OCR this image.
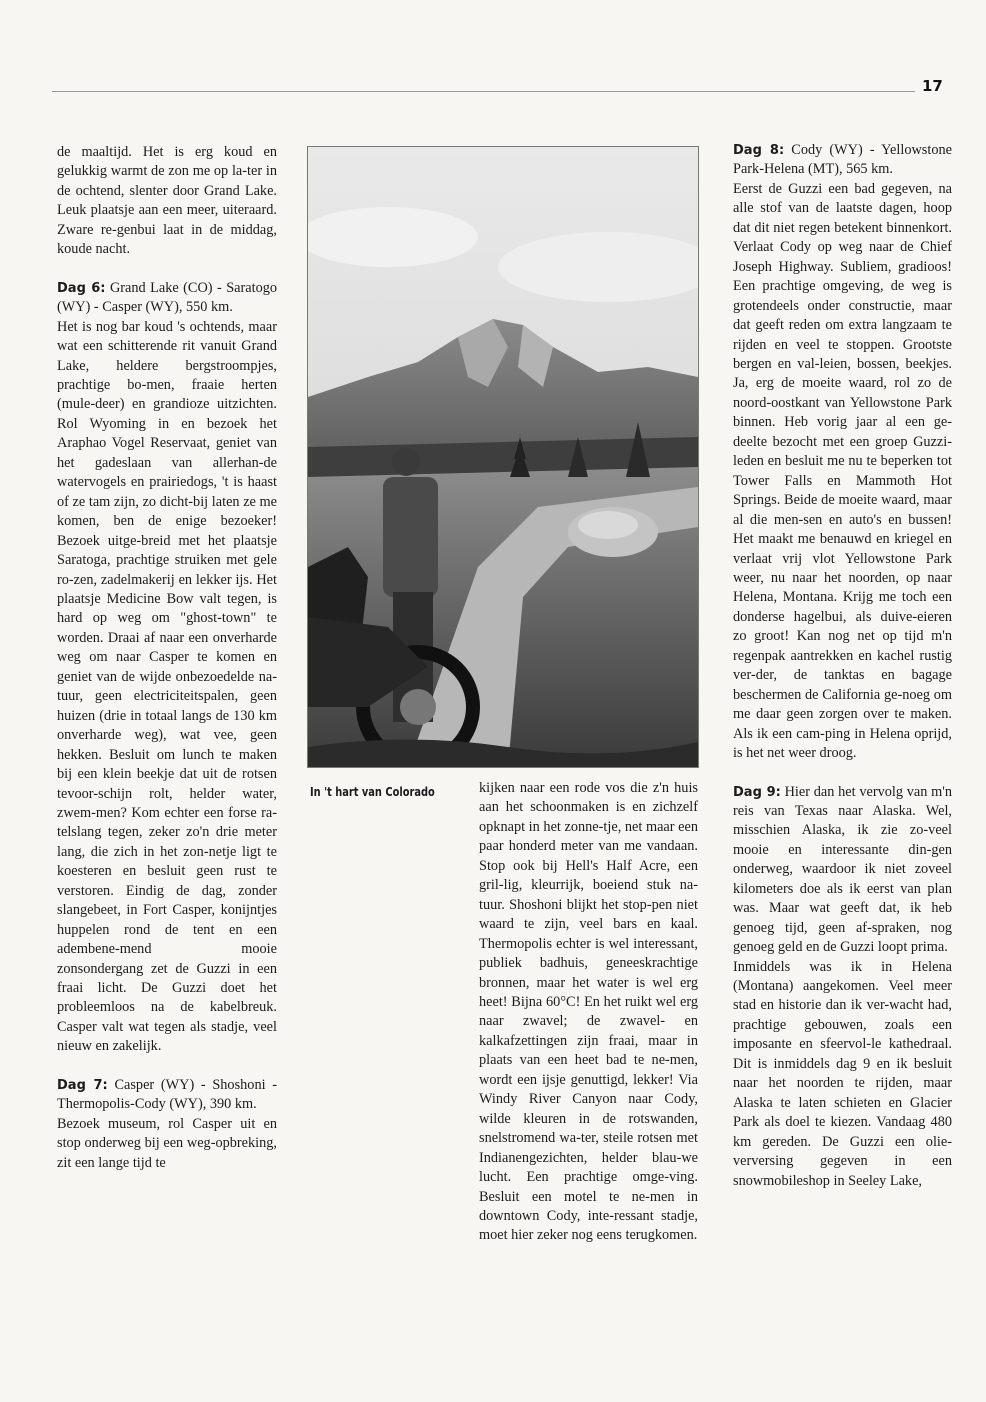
17

de maaltijd. Het is erg koud en gelukkig warmt de zon me op la-ter in de ochtend, slenter door Grand Lake. Leuk plaatsje aan een meer, uiteraard. Zware re-genbui laat in de middag, koude nacht.

Dag 6: Grand Lake (CO) - Saratogo (WY) - Casper (WY), 550 km.

Het is nog bar koud 's ochtends, maar wat een schitterende rit vanuit Grand Lake, heldere bergstroompjes, prachtige bo-men, fraaie herten (mule-deer) en grandioze uitzichten. Rol Wyoming in en bezoek het Araphao Vogel Reservaat, geniet van het gadeslaan van allerhan-de watervogels en prairiedogs, 't is haast of ze tam zijn, zo dicht-bij laten ze me komen, ben de enige bezoeker! Bezoek uitge-breid met het plaatsje Saratoga, prachtige struiken met gele ro-zen, zadelmakerij en lekker ijs. Het plaatsje Medicine Bow valt tegen, is hard op weg om "ghost-town" te worden. Draai af naar een onverharde weg om naar Casper te komen en geniet van de wijde onbezoedelde na-tuur, geen electriciteitspalen, geen huizen (drie in totaal langs de 130 km onverharde weg), wat vee, geen hekken. Besluit om lunch te maken bij een klein beekje dat uit de rotsen tevoor-schijn rolt, helder water, zwem-men? Kom echter een forse ra-telslang tegen, zeker zo'n drie meter lang, die zich in het zon-netje ligt te koesteren en besluit geen rust te verstoren. Eindig de dag, zonder slangebeet, in Fort Casper, konijntjes huppelen rond de tent en een adembene-mend mooie zonsondergang zet de Guzzi in een fraai licht. De Guzzi doet het probleemloos na de kabelbreuk. Casper valt wat tegen als stadje, veel nieuw en zakelijk.

Dag 7: Casper (WY) - Shoshoni - Thermopolis-Cody (WY), 390 km.

Bezoek museum, rol Casper uit en stop onderweg bij een weg-opbreking, zit een lange tijd te

In 't hart van Colorado	kijken naar een rode vos die z'n huis aan het schoonmaken is en zichzelf opknapt in het zonne-tje, net maar een paar honderd meter van me vandaan. Stop ook bij Hell's Half Acre, een gril-lig, kleurrijk, boeiend stuk na-tuur. Shoshoni blijkt het stop-pen niet waard te zijn, veel bars en kaal. Thermopolis echter is wel interessant, publiek badhuis, geneeskrachtige bronnen, maar het water is wel erg heet! Bijna 60°C! En het ruikt wel erg naar zwavel; de zwavel- en kalkafzettingen zijn fraai, maar in plaats van een heet bad te ne-men, wordt een ijsje genuttigd, lekker! Via Windy River Canyon naar Cody, wilde kleuren in de rotswanden, snelstromend wa-ter, steile rotsen met Indianengezichten, helder blau-we lucht. Een prachtige omge-ving. Besluit een motel te ne-men in downtown Cody, inte-ressant stadje, moet hier zeker nog eens terugkomen.

Dag 8: Cody (WY) - Yellowstone Park-Helena (MT), 565 km.

Eerst de Guzzi een bad gegeven, na alle stof van de laatste dagen, hoop dat dit niet regen betekent binnenkort. Verlaat Cody op weg naar de Chief Joseph Highway. Subliem, gradioos! Een prachtige omgeving, de weg is grotendeels onder constructie, maar dat geeft reden om extra langzaam te rijden en veel te stoppen. Grootste bergen en val-leien, bossen, beekjes. Ja, erg de moeite waard, rol zo de noord-oostkant van Yellowstone Park binnen. Heb vorig jaar al een ge-deelte bezocht met een groep Guzzi-leden en besluit me nu te beperken tot Tower Falls en Mammoth Hot Springs. Beide de moeite waard, maar al die men-sen en auto's en bussen! Het maakt me benauwd en kriegel en verlaat vrij vlot Yellowstone Park weer, nu naar het noorden, op naar Helena, Montana. Krijg me toch een donderse hagelbui, als duive-eieren zo groot! Kan nog net op tijd m'n regenpak aantrekken en kachel rustig ver-der, de tanktas en bagage beschermen de California ge-noeg om me daar geen zorgen over te maken. Als ik een cam-ping in Helena oprijd, is het net weer droog.

Dag 9: Hier dan het vervolg van m'n reis van Texas naar Alaska. Wel, misschien Alaska, ik zie zo-veel mooie en interessante din-gen onderweg, waardoor ik niet zoveel kilometers doe als ik eerst van plan was. Maar wat geeft dat, ik heb genoeg tijd, geen af-spraken, nog genoeg geld en de Guzzi loopt prima.

Inmiddels was ik in Helena (Montana) aangekomen. Veel meer stad en historie dan ik ver-wacht had, prachtige gebouwen, zoals een imposante en sfeervol-le kathedraal. Dit is inmiddels dag 9 en ik besluit naar het noorden te rijden, maar Alaska te laten schieten en Glacier Park als doel te kiezen. Vandaag 480 km gereden. De Guzzi een olie-verversing gegeven in een snowmobileshop in Seeley Lake,
